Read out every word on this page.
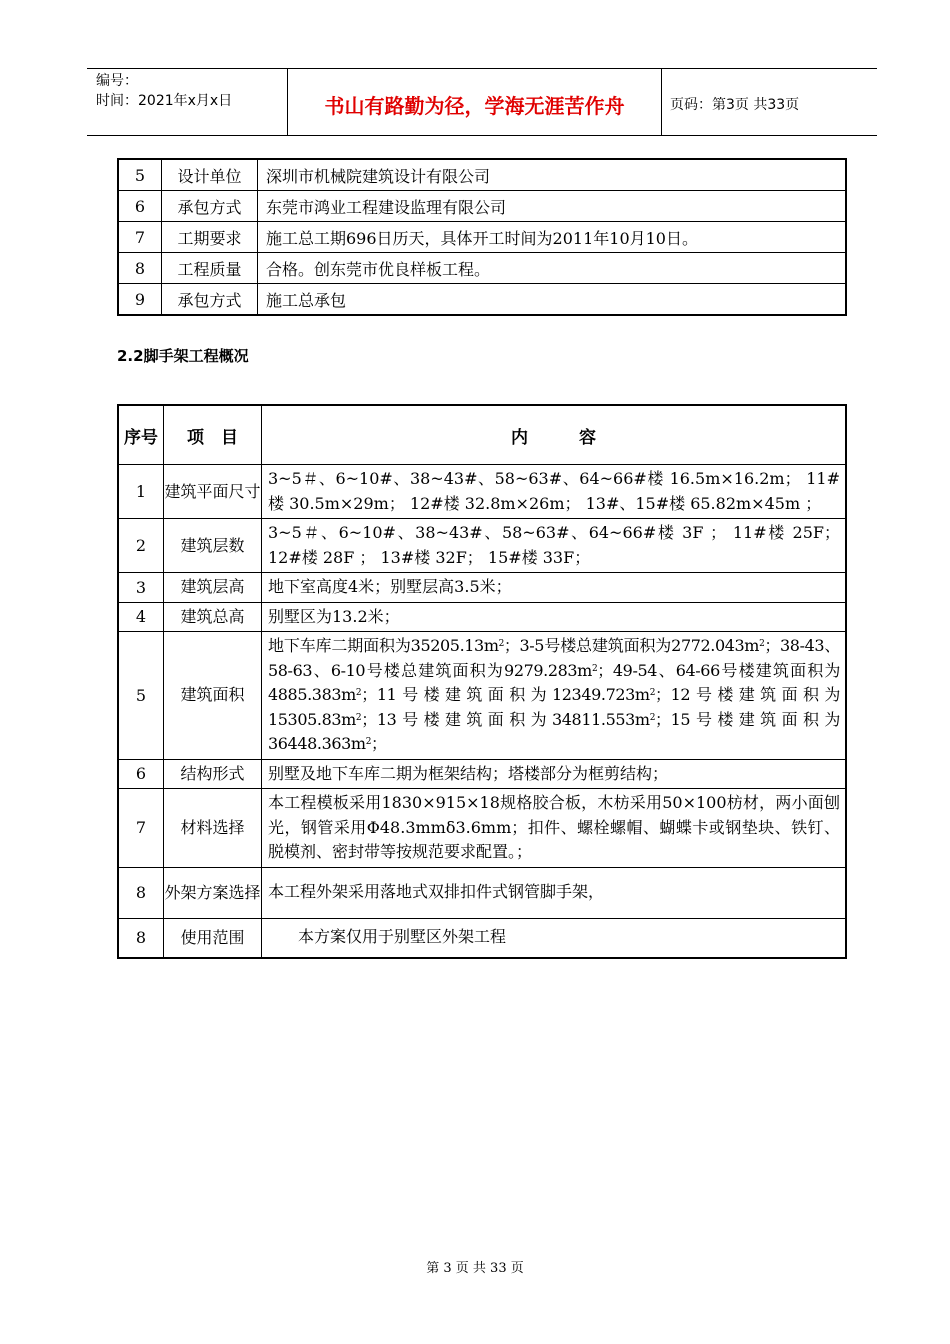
编号：
时间：2021年x月x日	书山有路勤为径，学海无涯苦作舟	页码：第3页 共33页
5	设计单位	深圳市机械院建筑设计有限公司
6	承包方式	东莞市鸿业工程建设监理有限公司
7	工期要求	施工总工期696日历天，具体开工时间为2011年10月10日。
8	工程质量	合格。创东莞市优良样板工程。
9	承包方式	施工总承包
2.2脚手架工程概况
序号	项　目	内　　　容
1	建筑平面尺寸	3~5＃、6~10#、38~43#、58~63#、64~66#楼 16.5m×16.2m； 11#楼 30.5m×29m； 12#楼 32.8m×26m； 13#、15#楼 65.82m×45m ；
2	建筑层数	3~5＃、6~10#、38~43#、58~63#、64~66#楼 3F ； 11#楼 25F； 12#楼 28F ； 13#楼 32F； 15#楼 33F；
3	建筑层高	地下室高度4米；别墅层高3.5米；
4	建筑总高	别墅区为13.2米；
5	建筑面积	地下车库二期面积为$35205.13m^2$；3-5号楼总建筑面积为$2772.043m^2$；38-43、58-63、6-10号楼总建筑面积为$9279.283m^2$；49-54、64-66号楼建筑面积为$4885.383m^2$；11号楼建筑面积为$12349.723m^2$；12号楼建筑面积为$15305.83m^2$；13号楼建筑面积为$34811.553m^2$；15号楼建筑面积为$36448.363m^2$；
6	结构形式	别墅及地下车库二期为框架结构；塔楼部分为框剪结构；
7	材料选择	本工程模板采用1830×915×18规格胶合板，木枋采用50×100枋材，两小面刨光，钢管采用Φ48.3mmδ3.6mm；扣件、螺栓螺帽、蝴蝶卡或钢垫块、铁钉、脱模剂、密封带等按规范要求配置。；
8	外架方案选择	本工程外架采用落地式双排扣件式钢管脚手架，
8	使用范围	本方案仅用于别墅区外架工程
第 3 页 共 33 页
